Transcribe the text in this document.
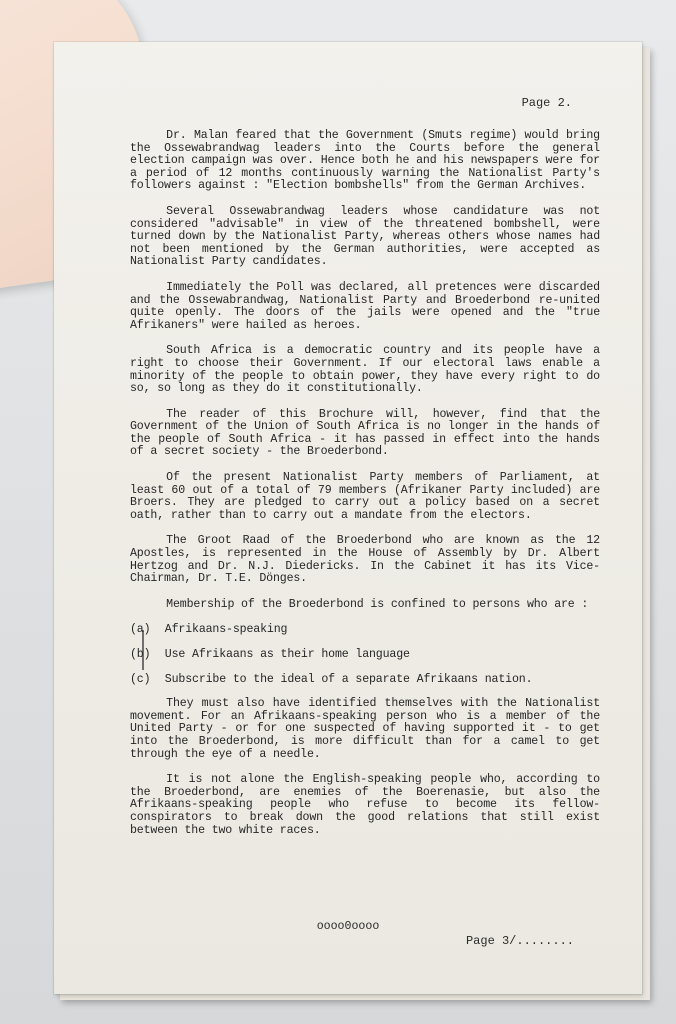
Page 2.

Dr. Malan feared that the Government (Smuts regime) would bring the Ossewabrandwag leaders into the Courts before the general election campaign was over. Hence both he and his newspapers were for a period of 12 months continuously warning the Nationalist Party's followers against : "Election bombshells" from the German Archives.

Several Ossewabrandwag leaders whose candidature was not considered "advisable" in view of the threatened bombshell, were turned down by the Nationalist Party, whereas others whose names had not been mentioned by the German authorities, were accepted as Nationalist Party candidates.

Immediately the Poll was declared, all pretences were discarded and the Ossewabrandwag, Nationalist Party and Broederbond re-united quite openly. The doors of the jails were opened and the "true Afrikaners" were hailed as heroes.

South Africa is a democratic country and its people have a right to choose their Government. If our electoral laws enable a minority of the people to obtain power, they have every right to do so, so long as they do it constitutionally.

The reader of this Brochure will, however, find that the Government of the Union of South Africa is no longer in the hands of the people of South Africa - it has passed in effect into the hands of a secret society - the Broederbond.

Of the present Nationalist Party members of Parliament, at least 60 out of a total of 79 members (Afrikaner Party included) are Broers. They are pledged to carry out a policy based on a secret oath, rather than to carry out a mandate from the electors.

The Groot Raad of the Broederbond who are known as the 12 Apostles, is represented in the House of Assembly by Dr. Albert Hertzog and Dr. N.J. Diedericks. In the Cabinet it has its Vice-Chairman, Dr. T.E. Dönges.

Membership of the Broederbond is confined to persons who are :

(a)	Afrikaans-speaking
(b)	Use Afrikaans as their home language
(c)	Subscribe to the ideal of a separate Afrikaans nation.

They must also have identified themselves with the Nationalist movement. For an Afrikaans-speaking person who is a member of the United Party - or for one suspected of having supported it - to get into the Broederbond, is more difficult than for a camel to get through the eye of a needle.

It is not alone the English-speaking people who, according to the Broederbond, are enemies of the Boerenasie, but also the Afrikaans-speaking people who refuse to become its fellow-conspirators to break down the good relations that still exist between the two white races.

oooo0oooo
Page 3/........
